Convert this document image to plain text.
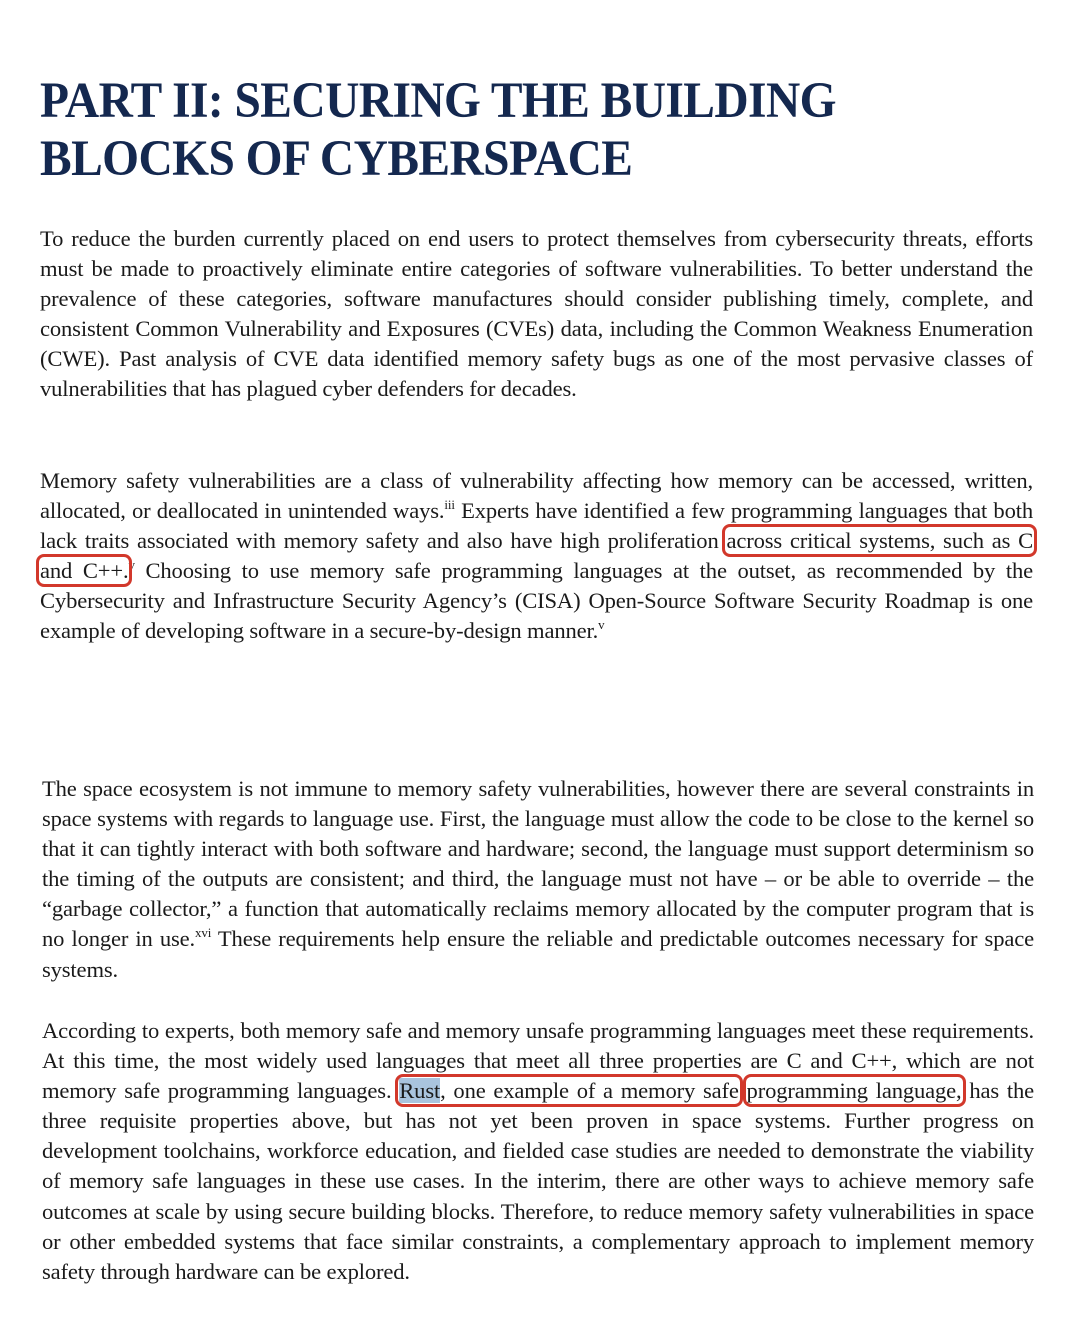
PART II: SECURING THE BUILDING
BLOCKS OF CYBERSPACE

To reduce the burden currently placed on end users to protect themselves from cybersecurity threats, efforts must be made to proactively eliminate entire categories of software vulnerabilities. To better understand the prevalence of these categories, software manufactures should consider publishing timely, complete, and consistent Common Vulnerability and Exposures (CVEs) data, including the Common Weakness Enumeration (CWE). Past analysis of CVE data identified memory safety bugs as one of the most pervasive classes of vulnerabilities that has plagued cyber defenders for decades.

Memory safety vulnerabilities are a class of vulnerability affecting how memory can be accessed, written, allocated, or deallocated in unintended ways.$^{iii}$ Experts have identified a few programming languages that both lack traits associated with memory safety and also have high proliferation across critical systems, such as C and C++.$^v$ Choosing to use memory safe programming languages at the outset, as recommended by the Cybersecurity and Infrastructure Security Agency’s (CISA) Open-Source Software Security Roadmap is one example of developing software in a secure-by-design manner.$^v$

The space ecosystem is not immune to memory safety vulnerabilities, however there are several constraints in space systems with regards to language use. First, the language must allow the code to be close to the kernel so that it can tightly interact with both software and hardware; second, the language must support determinism so the timing of the outputs are consistent; and third, the language must not have – or be able to override – the “garbage collector,” a function that automatically reclaims memory allocated by the computer program that is no longer in use.$^{xvi}$ These requirements help ensure the reliable and predictable outcomes necessary for space systems.

According to experts, both memory safe and memory unsafe programming languages meet these requirements. At this time, the most widely used languages that meet all three properties are C and C++, which are not memory safe programming languages. Rust, one example of a memory safe programming language, has the three requisite properties above, but has not yet been proven in space systems. Further progress on development toolchains, workforce education, and fielded case studies are needed to demonstrate the viability of memory safe languages in these use cases. In the interim, there are other ways to achieve memory safe outcomes at scale by using secure building blocks. Therefore, to reduce memory safety vulnerabilities in space or other embedded systems that face similar constraints, a complementary approach to implement memory safety through hardware can be explored.
